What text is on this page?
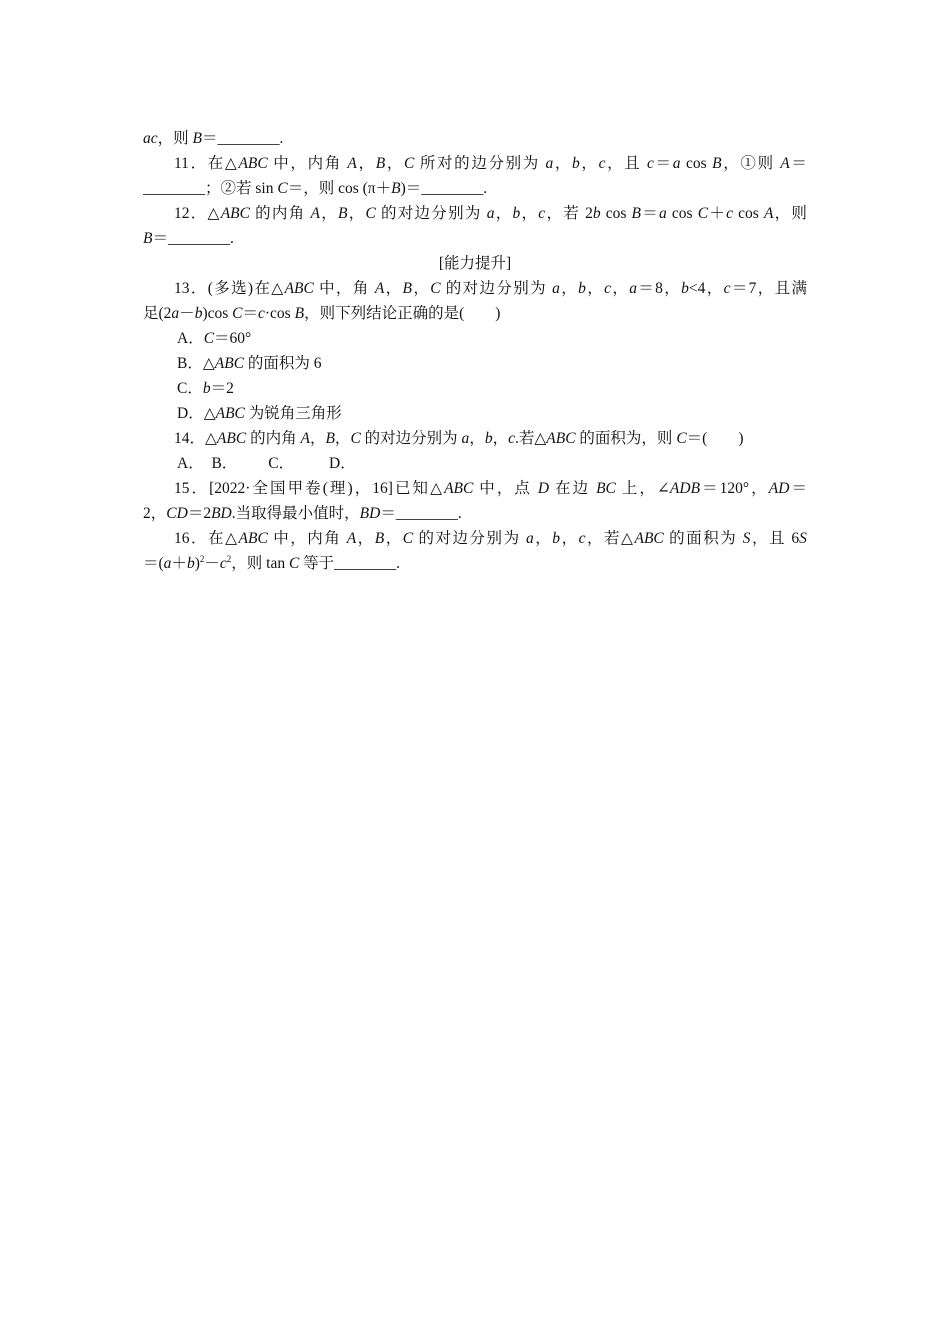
ac，则 B＝________.
11．在△ABC 中，内角 A，B，C 所对的边分别为 a，b，c，且 c＝a cos B，①则 A＝
________；②若 sin C＝，则 cos (π＋B)＝________.
12．△ABC 的内角 A，B，C 的对边分别为 a，b，c，若 2b cos B＝a cos C＋c cos A，则
B＝________.
[能力提升]
13．(多选)在△ABC 中，角 A，B，C 的对边分别为 a，b，c，a＝8，b<4，c＝7，且满
足(2a－b)cos C＝c·cos B，则下列结论正确的是(　　)
A．C＝60°
B．△ABC 的面积为 6
C．b＝2
D．△ABC 为锐角三角形
14．△ABC 的内角 A，B，C 的对边分别为 a，b，c.若△ABC 的面积为，则 C＝(　　)
A．  B．        C．         D．
15．[2022·全国甲卷(理)，16]已知△ABC 中，点 D 在边 BC 上，∠ADB＝120°，AD＝
2，CD＝2BD.当取得最小值时，BD＝________.
16．在△ABC 中，内角 A，B，C 的对边分别为 a，b，c，若△ABC 的面积为 S，且 6S
$=(a+b)^2-c^2$，则 tan C 等于________.
